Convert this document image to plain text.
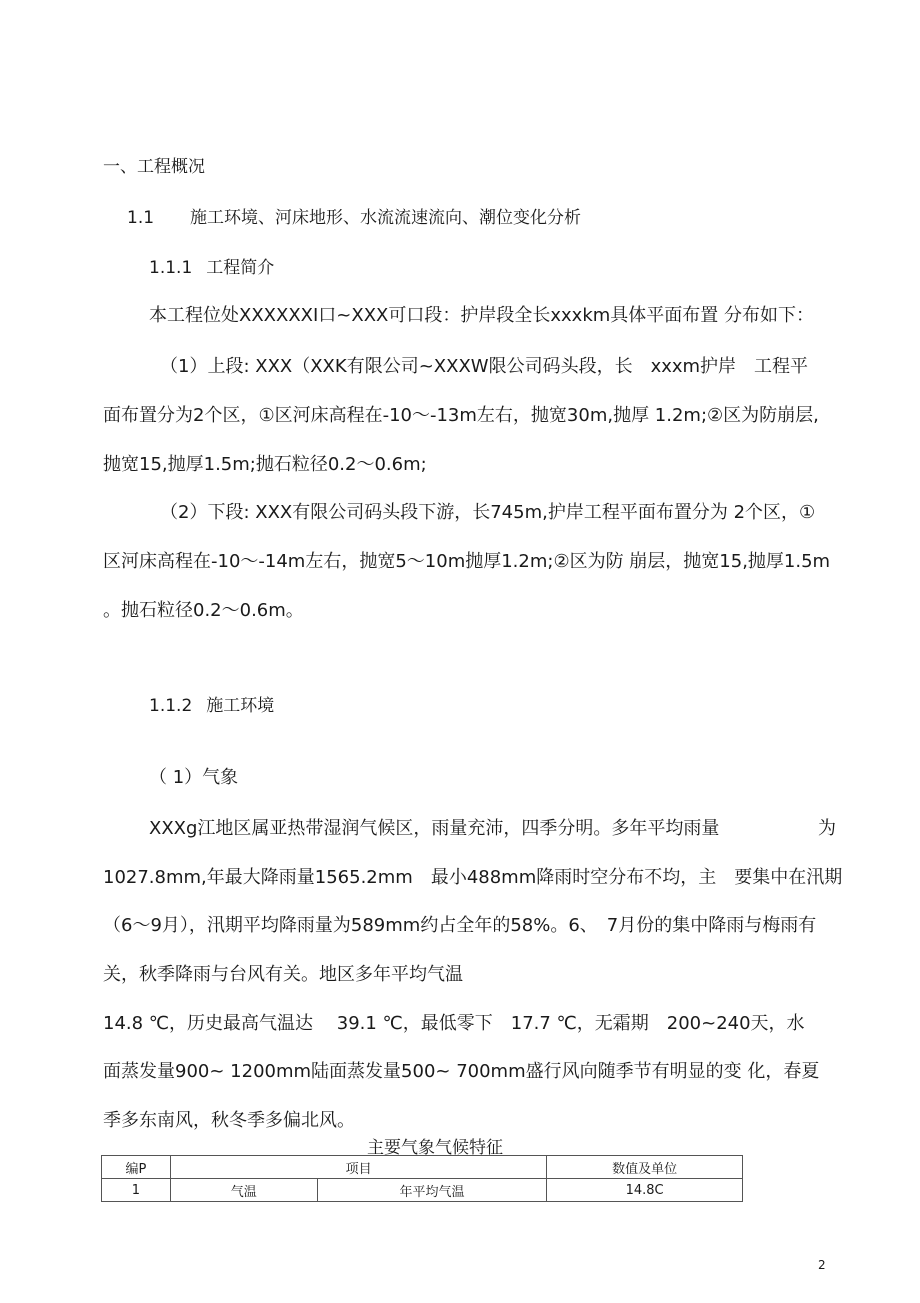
一、工程概况
1.1 施工环境、河床地形、水流流速流向、潮位变化分析
1.1.1 工程简介
本工程位处XXXXXXI口~XXX可口段：护岸段全长xxxkm具体平面布置 分布如下：
（1）上段: XXX（XXK有限公司~XXXW限公司码头段，长　xxxm护岸　工程平
面布置分为2个区，①区河床高程在-10～-13m左右，抛宽30m,抛厚 1.2m;②区为防崩层,
抛宽15,抛厚1.5m;抛石粒径0.2～0.6m;
（2）下段: XXX有限公司码头段下游，长745m,护岸工程平面布置分为 2个区，①
区河床高程在-10～-14m左右，抛宽5～10m抛厚1.2m;②区为防 崩层，抛宽15,抛厚1.5m
。抛石粒径0.2～0.6m。
1.1.2 施工环境
（ 1）气象
XXXg江地区属亚热带湿润气候区，雨量充沛，四季分明。多年平均雨量	为
1027.8mm,年最大降雨量1565.2mm　最小488mm降雨时空分布不均，主　要集中在汛期
（6～9月），汛期平均降雨量为589mm约占全年的58%。6、　7月份的集中降雨与梅雨有
关，秋季降雨与台风有关。地区多年平均气温
14.8 ℃，历史最高气温达　 39.1 ℃，最低零下　17.7 ℃，无霜期　200~240天，水
面蒸发量900~ 1200mm陆面蒸发量500~ 700mm盛行风向随季节有明显的变 化，春夏
季多东南风，秋冬季多偏北风。
主要气象气候特征
编P	项目		数值及单位
1	气温	年平均气温	14.8C
2
